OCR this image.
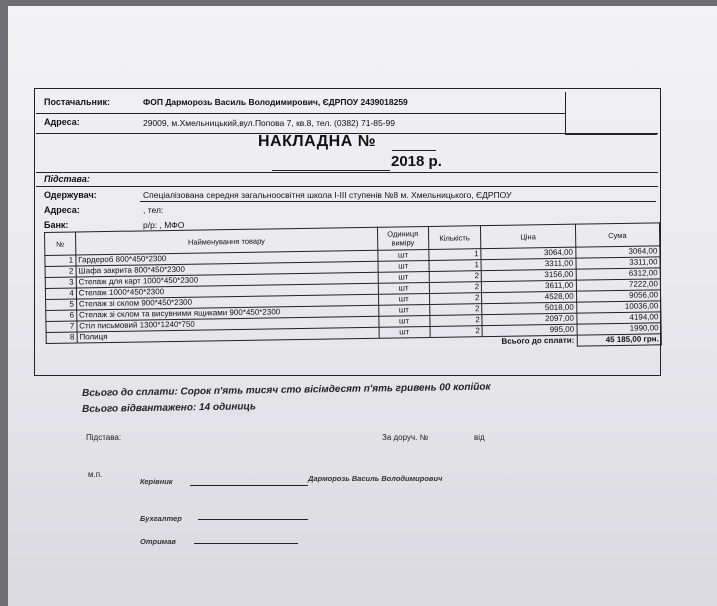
Постачальник:	ФОП Дарморозь Василь Володимирович, ЄДРПОУ 2439018259
Адреса:	29009, м.Хмельницький,вул.Попова 7, кв.8, тел. (0382) 71-85-99
НАКЛАДНА №
2018 р.
Підстава:
Одержувач:	Спеціалізована середня загальноосвітня школа І-ІІІ ступенів №8 м. Хмельницького, ЄДРПОУ
Адреса:	, тел:
Банк:	р/р: , МФО
№	Найменування товару	Одиниця виміру	Кількість	Ціна	Сума
1	Гардероб 800*450*2300	шт	1	3064,00	3064,00
2	Шафа закрита 800*450*2300	шт	1	3311,00	3311,00
3	Стелаж для карт 1000*450*2300	шт	2	3156,00	6312,00
4	Стелаж 1000*450*2300	шт	2	3611,00	7222,00
5	Стелаж зі склом 900*450*2300	шт	2	4528,00	9056,00
6	Стелаж зі склом та висувними ящиками 900*450*2300	шт	2	5018,00	10036,00
7	Стіл письмовий 1300*1240*750	шт	2	2097,00	4194,00
8	Полиця	шт	2	995,00	1990,00
				Всього до сплати:	45 185,00 грн.
Всього до сплати: Сорок п'ять тисяч сто вісімдесят п'ять гривень 00 копійок
Всього відвантажено: 14 одиниць
Підстава:	За доруч. №	від
м.п.
Керівник	Дарморозь Василь Володимирович
Бухгалтер
Отримав
